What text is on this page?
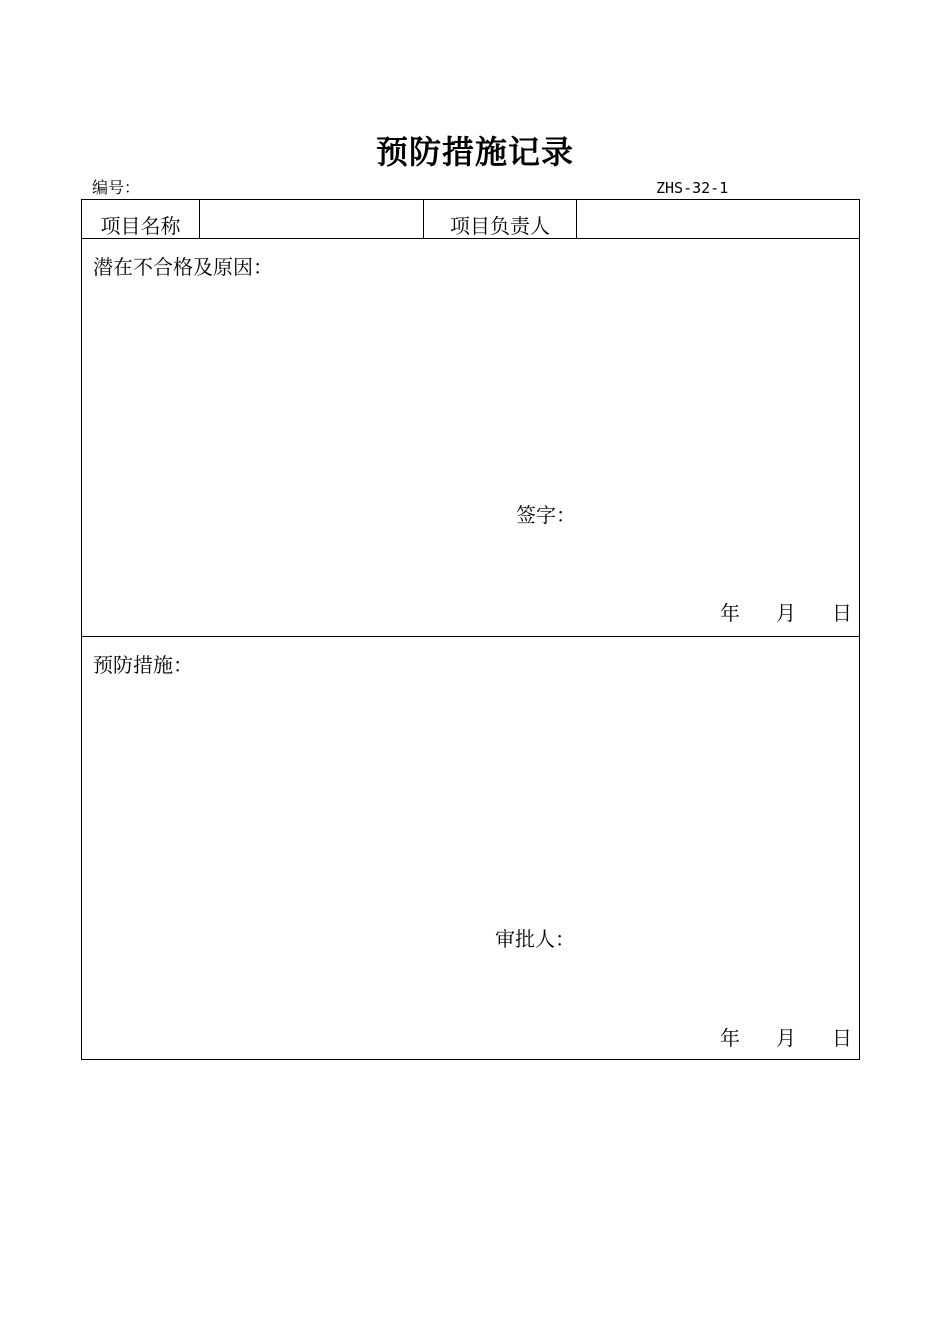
预防措施记录
编号：	ZHS-32-1
项目名称	项目负责人
潜在不合格及原因：
签字：
年 月 日
预防措施：
审批人：
年 月 日
